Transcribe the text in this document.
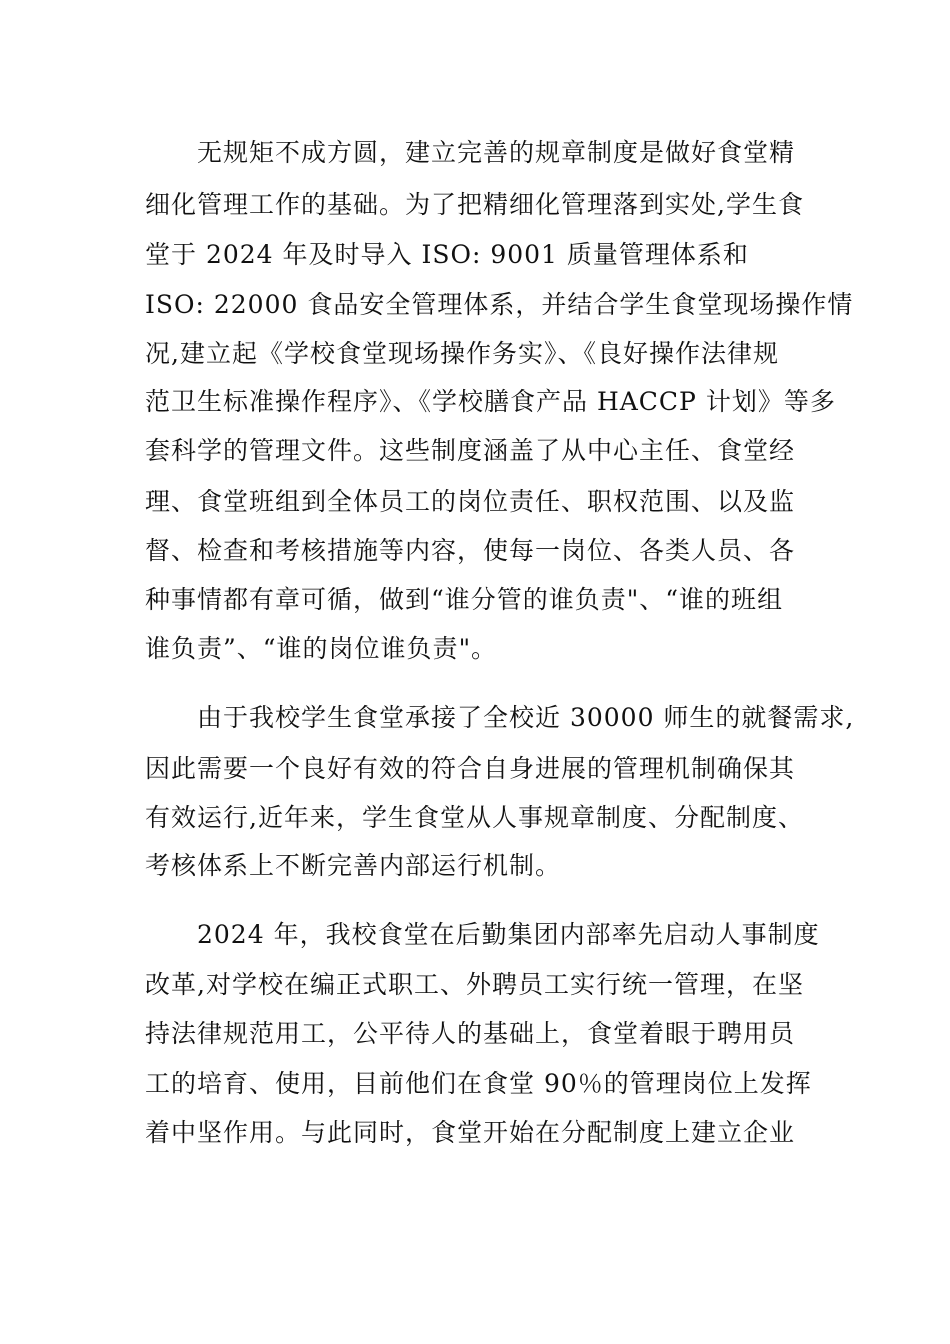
无规矩不成方圆，建立完善的规章制度是做好食堂精
细化管理工作的基础。为了把精细化管理落到实处,学生食
堂于 2024 年及时导入 ISO: 9001 质量管理体系和
ISO: 22000 食品安全管理体系，并结合学生食堂现场操作情
况,建立起《学校食堂现场操作务实》、《良好操作法律规
范卫生标准操作程序》、《学校膳食产品 HACCP 计划》等多
套科学的管理文件。这些制度涵盖了从中心主任、食堂经
理、食堂班组到全体员工的岗位责任、职权范围、以及监
督、检查和考核措施等内容，使每一岗位、各类人员、各
种事情都有章可循，做到“谁分管的谁负责"、“谁的班组
谁负责”、“谁的岗位谁负责"。
由于我校学生食堂承接了全校近 30000 师生的就餐需求,
因此需要一个良好有效的符合自身进展的管理机制确保其
有效运行,近年来，学生食堂从人事规章制度、分配制度、
考核体系上不断完善内部运行机制。
2024 年，我校食堂在后勤集团内部率先启动人事制度
改革,对学校在编正式职工、外聘员工实行统一管理，在坚
持法律规范用工，公平待人的基础上，食堂着眼于聘用员
工的培育、使用，目前他们在食堂 90％的管理岗位上发挥
着中坚作用。与此同时，食堂开始在分配制度上建立企业
